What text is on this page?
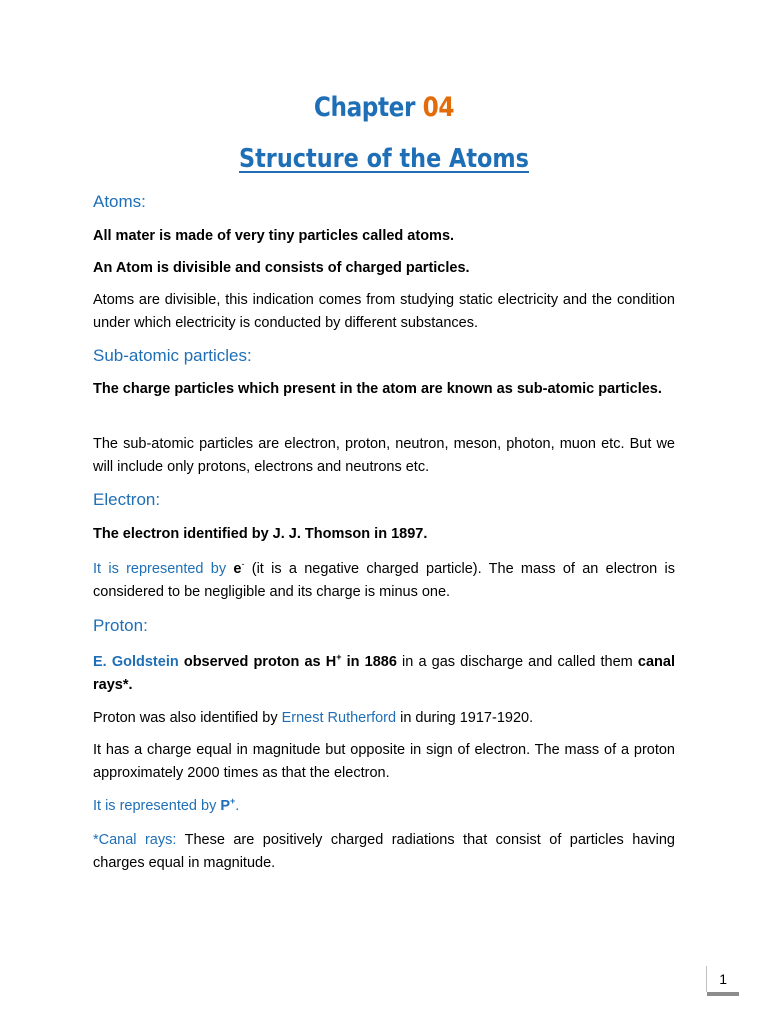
Chapter 04
Structure of the Atoms
Atoms:

All mater is made of very tiny particles called atoms.

An Atom is divisible and consists of charged particles.

Atoms are divisible, this indication comes from studying static electricity and the condition under which electricity is conducted by different substances.

Sub-atomic particles:

The charge particles which present in the atom are known as sub-atomic particles.

The sub-atomic particles are electron, proton, neutron, meson, photon, muon etc. But we will include only protons, electrons and neutrons etc.

Electron:

The electron identified by J. J. Thomson in 1897.

It is represented by e- (it is a negative charged particle). The mass of an electron is considered to be negligible and its charge is minus one.

Proton:

E. Goldstein observed proton as H+ in 1886 in a gas discharge and called them canal rays*.

Proton was also identified by Ernest Rutherford in during 1917-1920.

It has a charge equal in magnitude but opposite in sign of electron. The mass of a proton approximately 2000 times as that the electron.

It is represented by P+.

*Canal rays: These are positively charged radiations that consist of particles having charges equal in magnitude.

1
